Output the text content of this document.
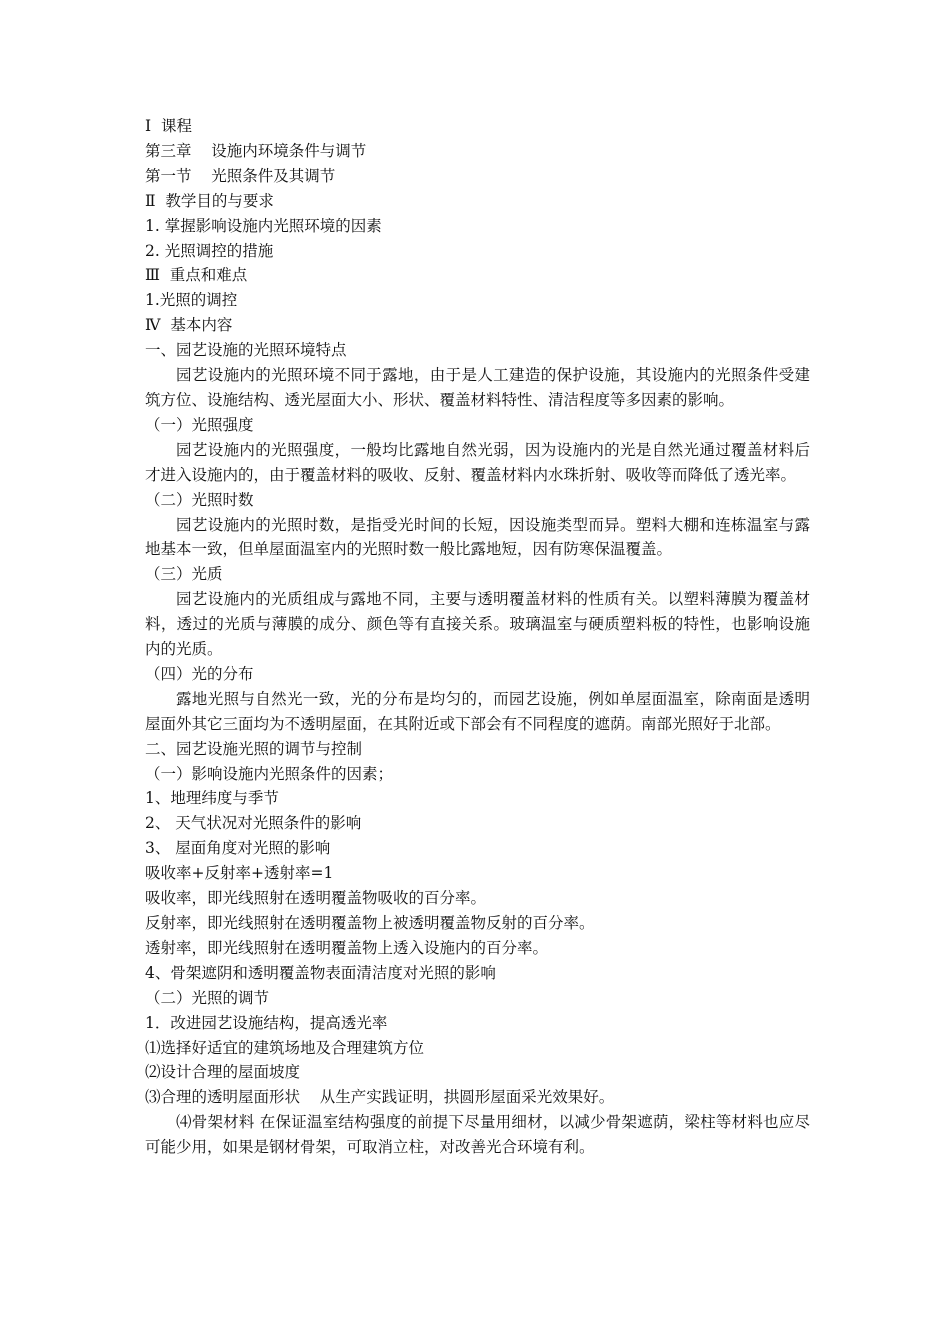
Ⅰ  课程

第三章    设施内环境条件与调节

第一节    光照条件及其调节

Ⅱ  教学目的与要求

1. 掌握影响设施内光照环境的因素

2. 光照调控的措施

Ⅲ  重点和难点

1.光照的调控

Ⅳ  基本内容

一、园艺设施的光照环境特点

园艺设施内的光照环境不同于露地，由于是人工建造的保护设施，其设施内的光照条件受建筑方位、设施结构、透光屋面大小、形状、覆盖材料特性、清洁程度等多因素的影响。

（一）光照强度

园艺设施内的光照强度，一般均比露地自然光弱，因为设施内的光是自然光通过覆盖材料后才进入设施内的，由于覆盖材料的吸收、反射、覆盖材料内水珠折射、吸收等而降低了透光率。

（二）光照时数

园艺设施内的光照时数，是指受光时间的长短，因设施类型而异。塑料大棚和连栋温室与露地基本一致，但单屋面温室内的光照时数一般比露地短，因有防寒保温覆盖。

（三）光质

园艺设施内的光质组成与露地不同，主要与透明覆盖材料的性质有关。以塑料薄膜为覆盖材料，透过的光质与薄膜的成分、颜色等有直接关系。玻璃温室与硬质塑料板的特性，也影响设施内的光质。

（四）光的分布

露地光照与自然光一致，光的分布是均匀的，而园艺设施，例如单屋面温室，除南面是透明屋面外其它三面均为不透明屋面，在其附近或下部会有不同程度的遮荫。南部光照好于北部。

二、园艺设施光照的调节与控制

（一）影响设施内光照条件的因素；

1、地理纬度与季节

2、 天气状况对光照条件的影响

3、 屋面角度对光照的影响

吸收率+反射率+透射率=1

吸收率，即光线照射在透明覆盖物吸收的百分率。

反射率，即光线照射在透明覆盖物上被透明覆盖物反射的百分率。

透射率，即光线照射在透明覆盖物上透入设施内的百分率。

4、骨架遮阴和透明覆盖物表面清洁度对光照的影响

（二）光照的调节

1．改进园艺设施结构，提高透光率

⑴选择好适宜的建筑场地及合理建筑方位

⑵设计合理的屋面坡度

⑶合理的透明屋面形状    从生产实践证明，拱圆形屋面采光效果好。

⑷骨架材料 在保证温室结构强度的前提下尽量用细材，以减少骨架遮荫，梁柱等材料也应尽可能少用，如果是钢材骨架，可取消立柱，对改善光合环境有利。
